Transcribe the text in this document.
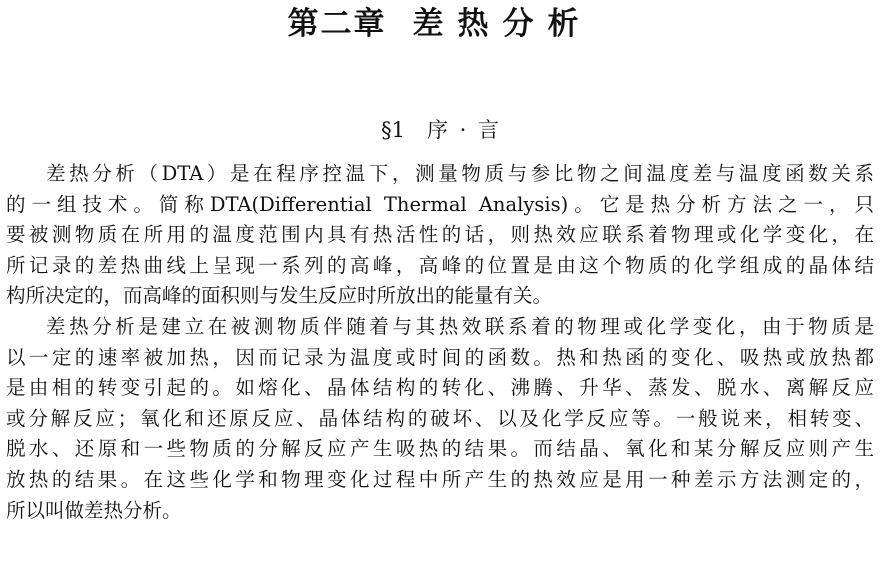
第二章 差热分析
§1 序 · 言
差热分析（DTA）是在程序控温下，测量物质与参比物之间温度差与温度函数关系
的一组技术。简称DTA(Differential Thermal Analysis)。它是热分析方法之一，只
要被测物质在所用的温度范围内具有热活性的话，则热效应联系着物理或化学变化，在
所记录的差热曲线上呈现一系列的高峰，高峰的位置是由这个物质的化学组成的晶体结
构所决定的，而高峰的面积则与发生反应时所放出的能量有关。
差热分析是建立在被测物质伴随着与其热效联系着的物理或化学变化，由于物质是
以一定的速率被加热，因而记录为温度或时间的函数。热和热函的变化、吸热或放热都
是由相的转变引起的。如熔化、晶体结构的转化、沸腾、升华、蒸发、脱水、离解反应
或分解反应；氧化和还原反应、晶体结构的破坏、以及化学反应等。一般说来，相转变、
脱水、还原和一些物质的分解反应产生吸热的结果。而结晶、氧化和某分解反应则产生
放热的结果。在这些化学和物理变化过程中所产生的热效应是用一种差示方法测定的，
所以叫做差热分析。
